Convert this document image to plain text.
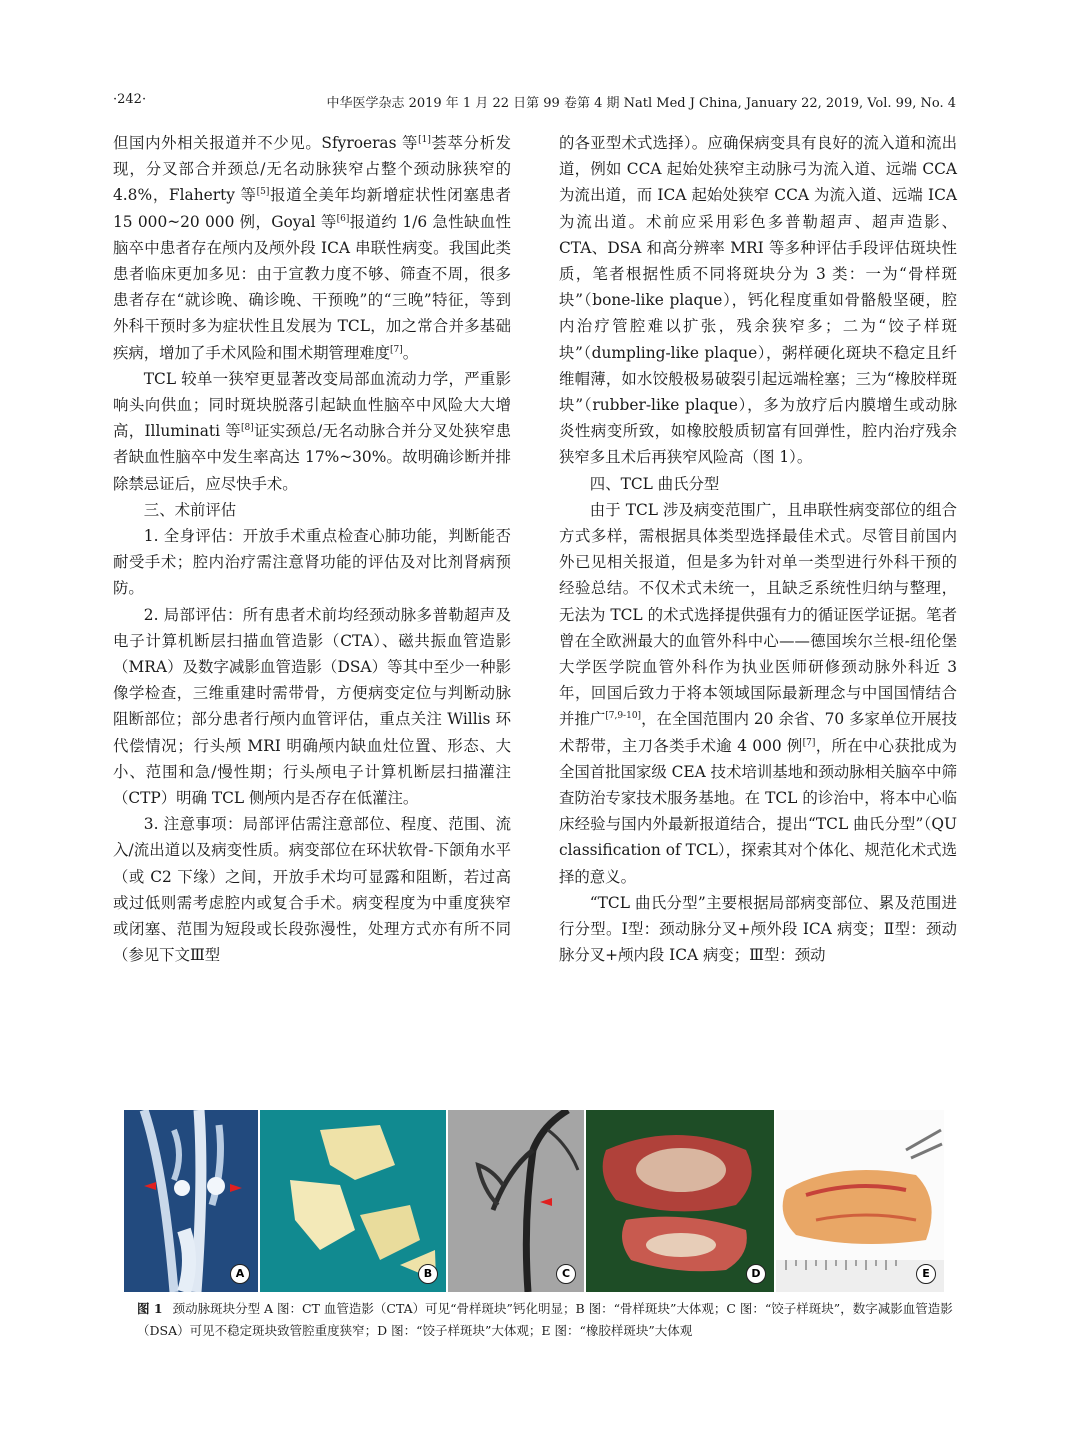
·242·	中华医学杂志 2019 年 1 月 22 日第 99 卷第 4 期 Natl Med J China, January 22, 2019, Vol. 99, No. 4

但国内外相关报道并不少见。Sfyroeras 等[1]荟萃分析发现，分叉部合并颈总/无名动脉狭窄占整个颈动脉狭窄的 4.8%，Flaherty 等[5]报道全美年均新增症状性闭塞患者 15 000~20 000 例，Goyal 等[6]报道约 1/6 急性缺血性脑卒中患者存在颅内及颅外段 ICA 串联性病变。我国此类患者临床更加多见：由于宣教力度不够、筛查不周，很多患者存在“就诊晚、确诊晚、干预晚”的“三晚”特征，等到外科干预时多为症状性且发展为 TCL，加之常合并多基础疾病，增加了手术风险和围术期管理难度[7]。

TCL 较单一狭窄更显著改变局部血流动力学，严重影响头向供血；同时斑块脱落引起缺血性脑卒中风险大大增高，Illuminati 等[8]证实颈总/无名动脉合并分叉处狭窄患者缺血性脑卒中发生率高达 17%~30%。故明确诊断并排除禁忌证后，应尽快手术。

三、术前评估

1. 全身评估：开放手术重点检查心肺功能，判断能否耐受手术；腔内治疗需注意肾功能的评估及对比剂肾病预防。

2. 局部评估：所有患者术前均经颈动脉多普勒超声及电子计算机断层扫描血管造影（CTA）、磁共振血管造影（MRA）及数字减影血管造影（DSA）等其中至少一种影像学检查，三维重建时需带骨，方便病变定位与判断动脉阻断部位；部分患者行颅内血管评估，重点关注 Willis 环代偿情况；行头颅 MRI 明确颅内缺血灶位置、形态、大小、范围和急/慢性期；行头颅电子计算机断层扫描灌注（CTP）明确 TCL 侧颅内是否存在低灌注。

3. 注意事项：局部评估需注意部位、程度、范围、流入/流出道以及病变性质。病变部位在环状软骨-下颌角水平（或 C2 下缘）之间，开放手术均可显露和阻断，若过高或过低则需考虑腔内或复合手术。病变程度为中重度狭窄或闭塞、范围为短段或长段弥漫性，处理方式亦有所不同（参见下文Ⅲ型

的各亚型术式选择）。应确保病变具有良好的流入道和流出道，例如 CCA 起始处狭窄主动脉弓为流入道、远端 CCA 为流出道，而 ICA 起始处狭窄 CCA 为流入道、远端 ICA 为流出道。术前应采用彩色多普勒超声、超声造影、CTA、DSA 和高分辨率 MRI 等多种评估手段评估斑块性质，笔者根据性质不同将斑块分为 3 类：一为“骨样斑块”（bone-like plaque），钙化程度重如骨骼般坚硬，腔内治疗管腔难以扩张，残余狭窄多；二为“饺子样斑块”（dumpling-like plaque），粥样硬化斑块不稳定且纤维帽薄，如水饺般极易破裂引起远端栓塞；三为“橡胶样斑块”（rubber-like plaque），多为放疗后内膜增生或动脉炎性病变所致，如橡胶般质韧富有回弹性，腔内治疗残余狭窄多且术后再狭窄风险高（图 1）。

四、TCL 曲氏分型

由于 TCL 涉及病变范围广，且串联性病变部位的组合方式多样，需根据具体类型选择最佳术式。尽管目前国内外已见相关报道，但是多为针对单一类型进行外科干预的经验总结。不仅术式未统一，且缺乏系统性归纳与整理，无法为 TCL 的术式选择提供强有力的循证医学证据。笔者曾在全欧洲最大的血管外科中心——德国埃尔兰根-纽伦堡大学医学院血管外科作为执业医师研修颈动脉外科近 3 年，回国后致力于将本领域国际最新理念与中国国情结合并推广[7,9-10]，在全国范围内 20 余省、70 多家单位开展技术帮带，主刀各类手术逾 4 000 例[7]，所在中心获批成为全国首批国家级 CEA 技术培训基地和颈动脉相关脑卒中筛查防治专家技术服务基地。在 TCL 的诊治中，将本中心临床经验与国内外最新报道结合，提出“TCL 曲氏分型”（QU classification of TCL），探索其对个体化、规范化术式选择的意义。

“TCL 曲氏分型”主要根据局部病变部位、累及范围进行分型。Ⅰ型：颈动脉分叉+颅外段 ICA 病变；Ⅱ型：颈动脉分叉+颅内段 ICA 病变；Ⅲ型：颈动

A	B	C	D	E
图 1 颈动脉斑块分型 A 图：CT 血管造影（CTA）可见“骨样斑块”钙化明显；B 图：“骨样斑块”大体观；C 图：“饺子样斑块”，数字减影血管造影（DSA）可见不稳定斑块致管腔重度狭窄；D 图：“饺子样斑块”大体观；E 图：“橡胶样斑块”大体观
